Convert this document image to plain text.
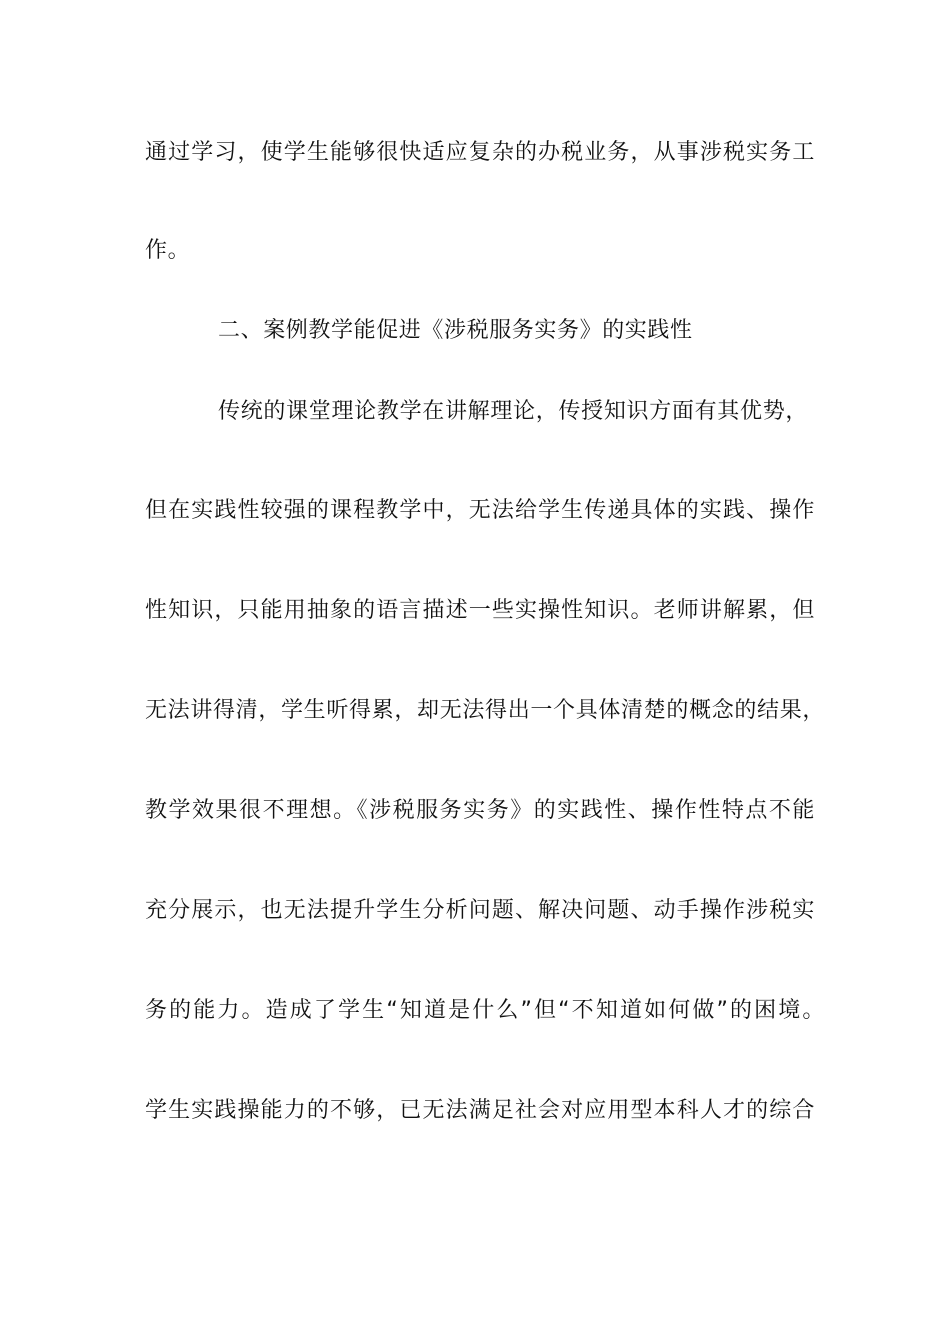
通过学习，使学生能够很快适应复杂的办税业务，从事涉税实务工
作。
二、案例教学能促进《涉税服务实务》的实践性
传统的课堂理论教学在讲解理论，传授知识方面有其优势，
但在实践性较强的课程教学中，无法给学生传递具体的实践、操作
性知识，只能用抽象的语言描述一些实操性知识。老师讲解累，但
无法讲得清，学生听得累，却无法得出一个具体清楚的概念的结果，
教学效果很不理想。《涉税服务实务》的实践性、操作性特点不能
充分展示，也无法提升学生分析问题、解决问题、动手操作涉税实
务的能力。造成了学生“知道是什么”但“不知道如何做”的困境。
学生实践操能力的不够，已无法满足社会对应用型本科人才的综合
